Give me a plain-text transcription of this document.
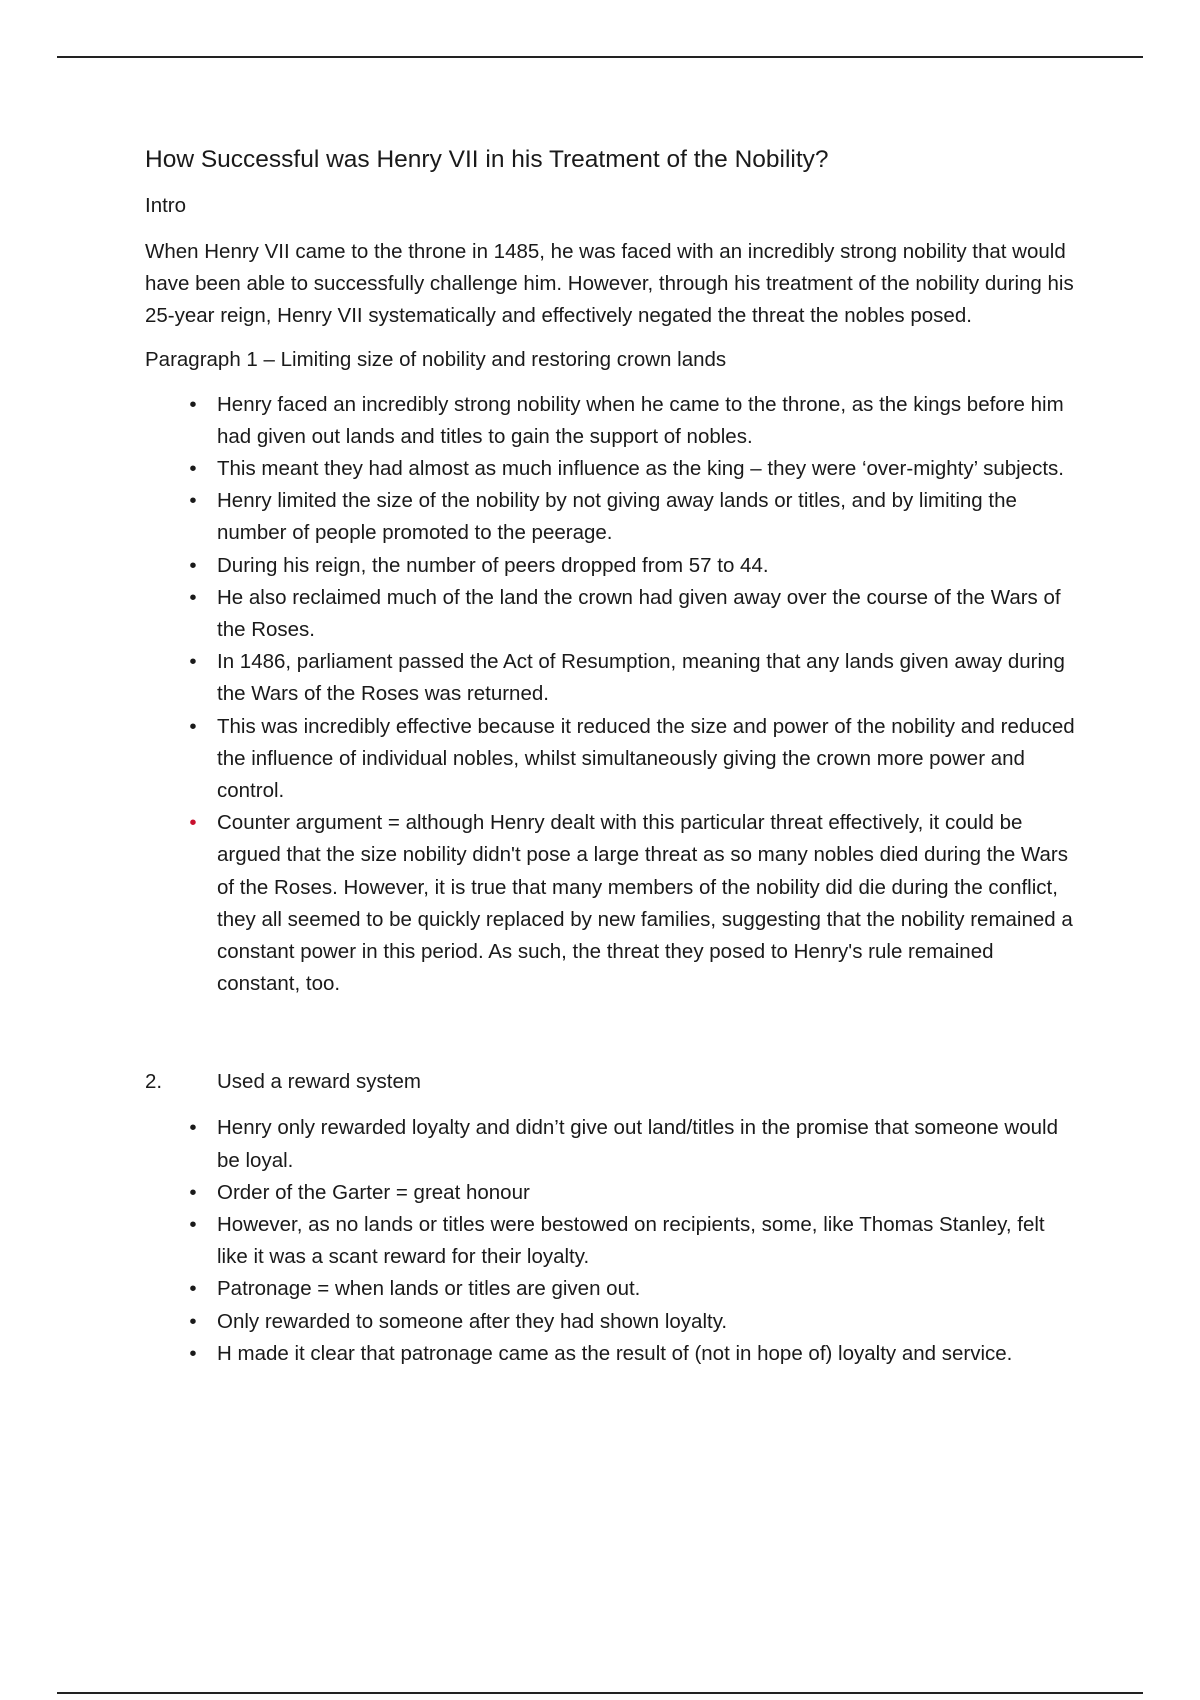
How Successful was Henry VII in his Treatment of the Nobility?
Intro

When Henry VII came to the throne in 1485, he was faced with an incredibly strong nobility that would have been able to successfully challenge him. However, through his treatment of the nobility during his 25-year reign, Henry VII systematically and effectively negated the threat the nobles posed.

Paragraph 1 – Limiting size of nobility and restoring crown lands
• Henry faced an incredibly strong nobility when he came to the throne, as the kings before him had given out lands and titles to gain the support of nobles.
• This meant they had almost as much influence as the king – they were ‘over-mighty’ subjects.
• Henry limited the size of the nobility by not giving away lands or titles, and by limiting the number of people promoted to the peerage.
• During his reign, the number of peers dropped from 57 to 44.
• He also reclaimed much of the land the crown had given away over the course of the Wars of the Roses.
• In 1486, parliament passed the Act of Resumption, meaning that any lands given away during the Wars of the Roses was returned.
• This was incredibly effective because it reduced the size and power of the nobility and reduced the influence of individual nobles, whilst simultaneously giving the crown more power and control.
• Counter argument = although Henry dealt with this particular threat effectively, it could be argued that the size nobility didn't pose a large threat as so many nobles died during the Wars of the Roses. However, it is true that many members of the nobility did die during the conflict, they all seemed to be quickly replaced by new families, suggesting that the nobility remained a constant power in this period. As such, the threat they posed to Henry's rule remained constant, too.
2.	Used a reward system
• Henry only rewarded loyalty and didn’t give out land/titles in the promise that someone would be loyal.
• Order of the Garter = great honour
• However, as no lands or titles were bestowed on recipients, some, like Thomas Stanley, felt like it was a scant reward for their loyalty.
• Patronage = when lands or titles are given out.
• Only rewarded to someone after they had shown loyalty.
• H made it clear that patronage came as the result of (not in hope of) loyalty and service.
